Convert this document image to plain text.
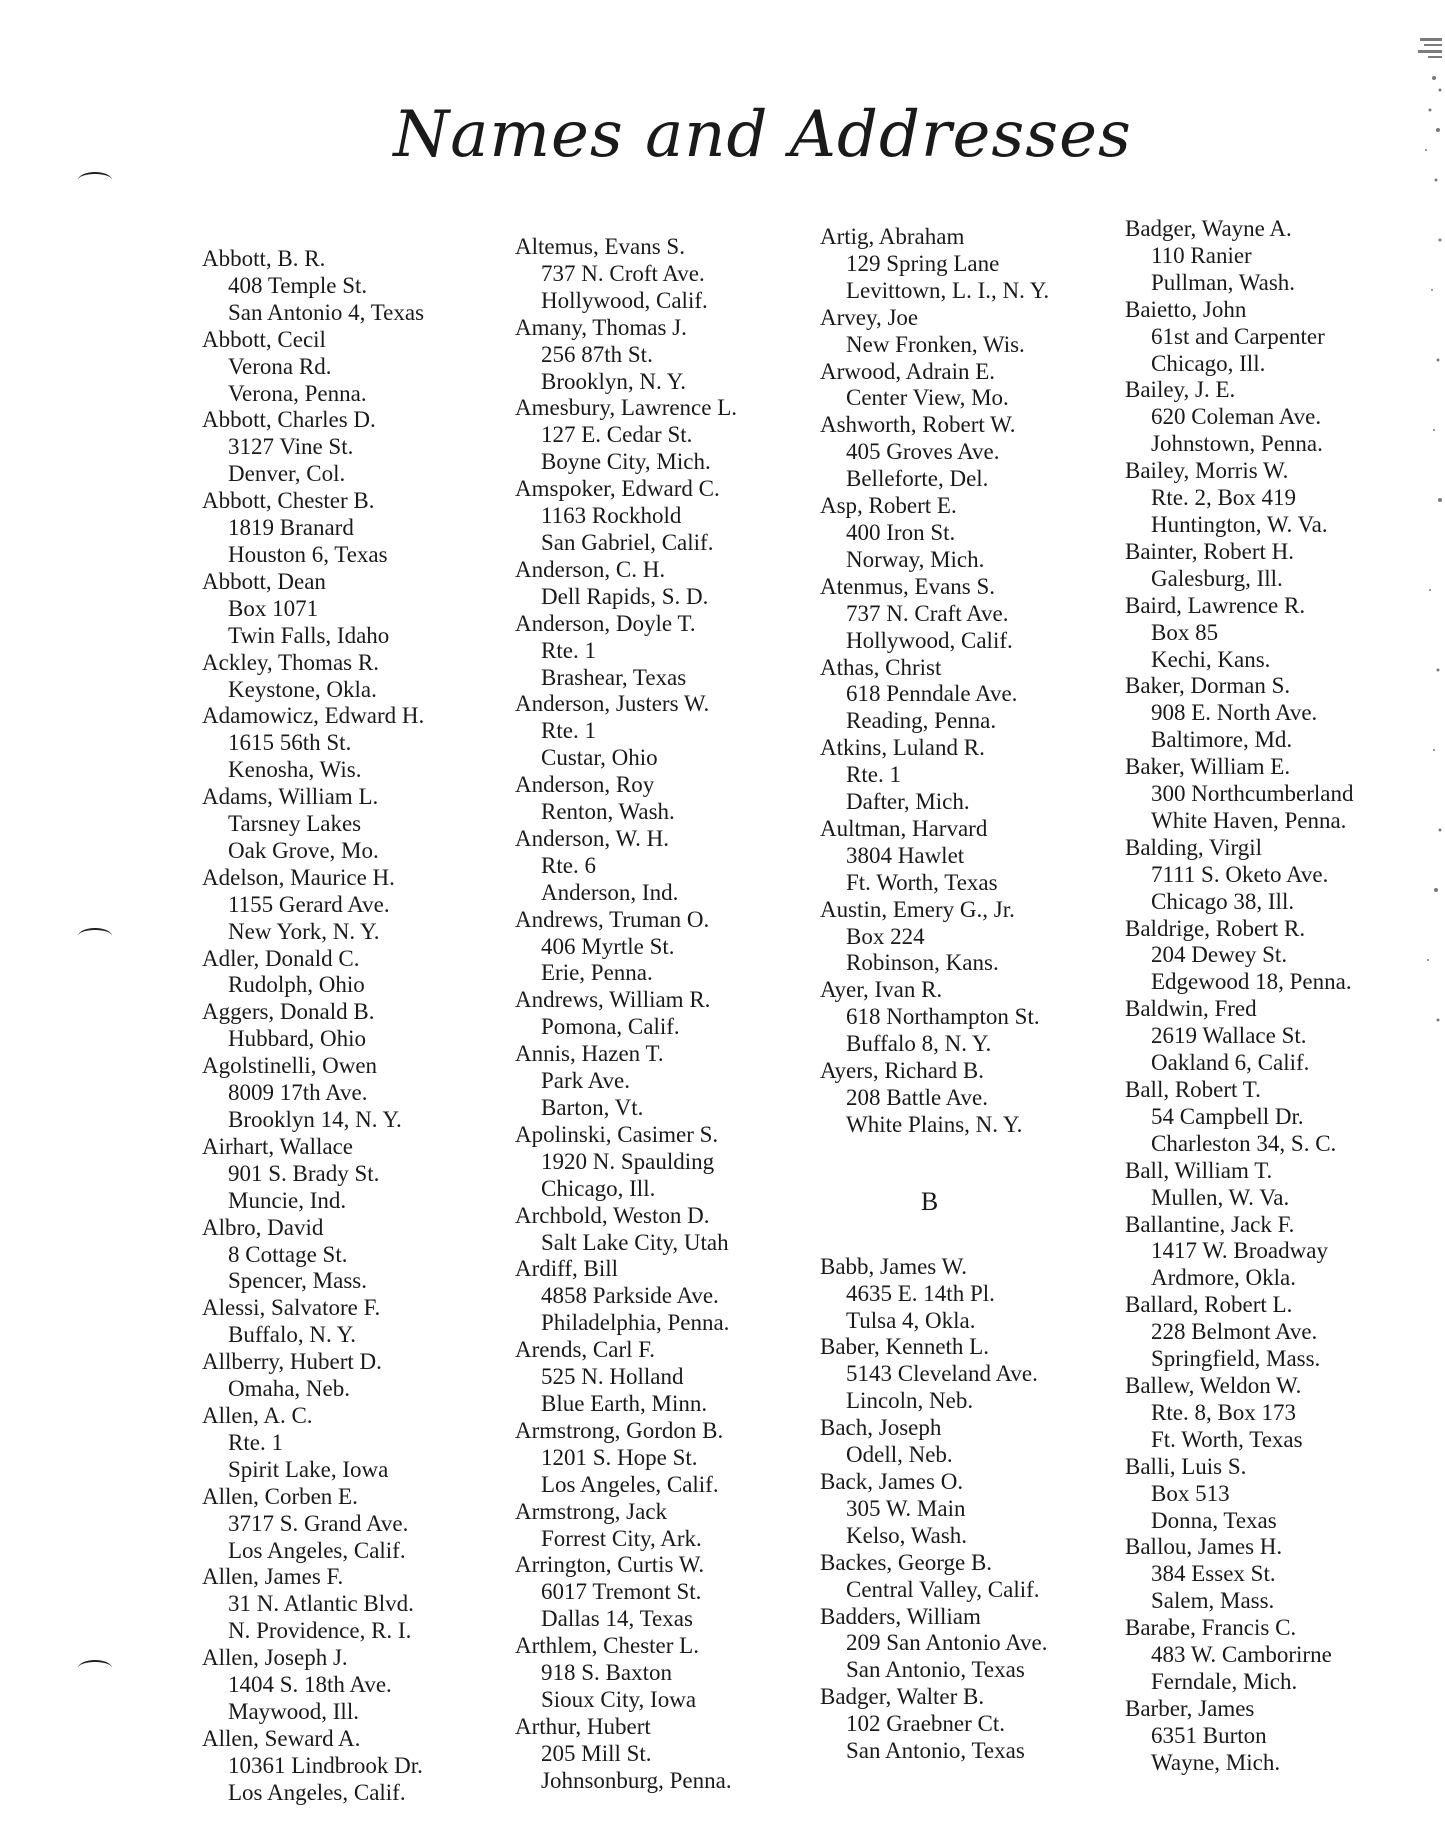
Names and Addresses
Abbott, B. R.
408 Temple St.
San Antonio 4, Texas
Abbott, Cecil
Verona Rd.
Verona, Penna.
Abbott, Charles D.
3127 Vine St.
Denver, Col.
Abbott, Chester B.
1819 Branard
Houston 6, Texas
Abbott, Dean
Box 1071
Twin Falls, Idaho
Ackley, Thomas R.
Keystone, Okla.
Adamowicz, Edward H.
1615 56th St.
Kenosha, Wis.
Adams, William L.
Tarsney Lakes
Oak Grove, Mo.
Adelson, Maurice H.
1155 Gerard Ave.
New York, N. Y.
Adler, Donald C.
Rudolph, Ohio
Aggers, Donald B.
Hubbard, Ohio
Agolstinelli, Owen
8009 17th Ave.
Brooklyn 14, N. Y.
Airhart, Wallace
901 S. Brady St.
Muncie, Ind.
Albro, David
8 Cottage St.
Spencer, Mass.
Alessi, Salvatore F.
Buffalo, N. Y.
Allberry, Hubert D.
Omaha, Neb.
Allen, A. C.
Rte. 1
Spirit Lake, Iowa
Allen, Corben E.
3717 S. Grand Ave.
Los Angeles, Calif.
Allen, James F.
31 N. Atlantic Blvd.
N. Providence, R. I.
Allen, Joseph J.
1404 S. 18th Ave.
Maywood, Ill.
Allen, Seward A.
10361 Lindbrook Dr.
Los Angeles, Calif.
Altemus, Evans S.
737 N. Croft Ave.
Hollywood, Calif.
Amany, Thomas J.
256 87th St.
Brooklyn, N. Y.
Amesbury, Lawrence L.
127 E. Cedar St.
Boyne City, Mich.
Amspoker, Edward C.
1163 Rockhold
San Gabriel, Calif.
Anderson, C. H.
Dell Rapids, S. D.
Anderson, Doyle T.
Rte. 1
Brashear, Texas
Anderson, Justers W.
Rte. 1
Custar, Ohio
Anderson, Roy
Renton, Wash.
Anderson, W. H.
Rte. 6
Anderson, Ind.
Andrews, Truman O.
406 Myrtle St.
Erie, Penna.
Andrews, William R.
Pomona, Calif.
Annis, Hazen T.
Park Ave.
Barton, Vt.
Apolinski, Casimer S.
1920 N. Spaulding
Chicago, Ill.
Archbold, Weston D.
Salt Lake City, Utah
Ardiff, Bill
4858 Parkside Ave.
Philadelphia, Penna.
Arends, Carl F.
525 N. Holland
Blue Earth, Minn.
Armstrong, Gordon B.
1201 S. Hope St.
Los Angeles, Calif.
Armstrong, Jack
Forrest City, Ark.
Arrington, Curtis W.
6017 Tremont St.
Dallas 14, Texas
Arthlem, Chester L.
918 S. Baxton
Sioux City, Iowa
Arthur, Hubert
205 Mill St.
Johnsonburg, Penna.
Artig, Abraham
129 Spring Lane
Levittown, L. I., N. Y.
Arvey, Joe
New Fronken, Wis.
Arwood, Adrain E.
Center View, Mo.
Ashworth, Robert W.
405 Groves Ave.
Belleforte, Del.
Asp, Robert E.
400 Iron St.
Norway, Mich.
Atenmus, Evans S.
737 N. Craft Ave.
Hollywood, Calif.
Athas, Christ
618 Penndale Ave.
Reading, Penna.
Atkins, Luland R.
Rte. 1
Dafter, Mich.
Aultman, Harvard
3804 Hawlet
Ft. Worth, Texas
Austin, Emery G., Jr.
Box 224
Robinson, Kans.
Ayer, Ivan R.
618 Northampton St.
Buffalo 8, N. Y.
Ayers, Richard B.
208 Battle Ave.
White Plains, N. Y.
B
Babb, James W.
4635 E. 14th Pl.
Tulsa 4, Okla.
Baber, Kenneth L.
5143 Cleveland Ave.
Lincoln, Neb.
Bach, Joseph
Odell, Neb.
Back, James O.
305 W. Main
Kelso, Wash.
Backes, George B.
Central Valley, Calif.
Badders, William
209 San Antonio Ave.
San Antonio, Texas
Badger, Walter B.
102 Graebner Ct.
San Antonio, Texas
Badger, Wayne A.
110 Ranier
Pullman, Wash.
Baietto, John
61st and Carpenter
Chicago, Ill.
Bailey, J. E.
620 Coleman Ave.
Johnstown, Penna.
Bailey, Morris W.
Rte. 2, Box 419
Huntington, W. Va.
Bainter, Robert H.
Galesburg, Ill.
Baird, Lawrence R.
Box 85
Kechi, Kans.
Baker, Dorman S.
908 E. North Ave.
Baltimore, Md.
Baker, William E.
300 Northcumberland
White Haven, Penna.
Balding, Virgil
7111 S. Oketo Ave.
Chicago 38, Ill.
Baldrige, Robert R.
204 Dewey St.
Edgewood 18, Penna.
Baldwin, Fred
2619 Wallace St.
Oakland 6, Calif.
Ball, Robert T.
54 Campbell Dr.
Charleston 34, S. C.
Ball, William T.
Mullen, W. Va.
Ballantine, Jack F.
1417 W. Broadway
Ardmore, Okla.
Ballard, Robert L.
228 Belmont Ave.
Springfield, Mass.
Ballew, Weldon W.
Rte. 8, Box 173
Ft. Worth, Texas
Balli, Luis S.
Box 513
Donna, Texas
Ballou, James H.
384 Essex St.
Salem, Mass.
Barabe, Francis C.
483 W. Camborirne
Ferndale, Mich.
Barber, James
6351 Burton
Wayne, Mich.
